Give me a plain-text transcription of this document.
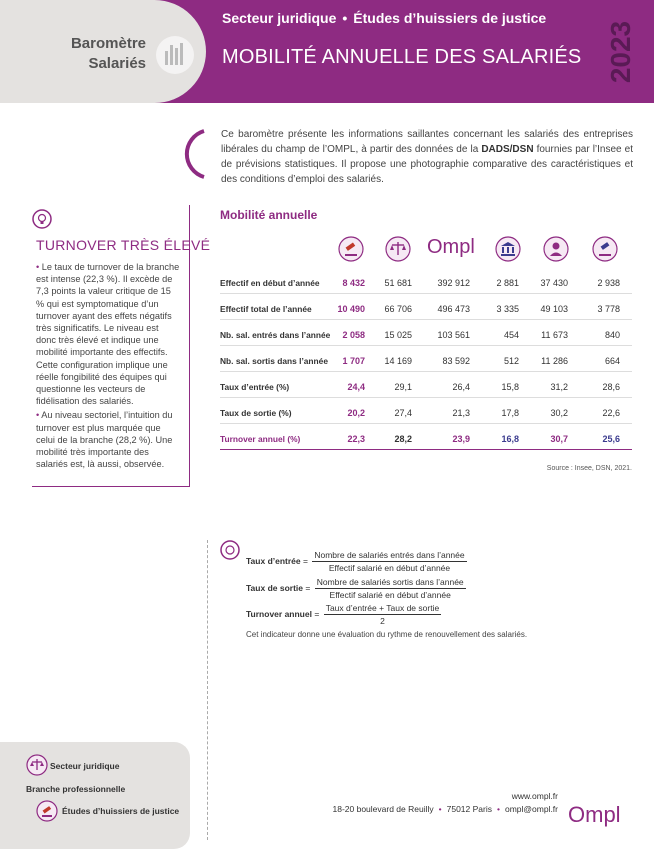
Baromètre
Salariés
Secteur juridique • Études d’huissiers de justice
MOBILITÉ ANNUELLE DES SALARIÉS 2023
Ce baromètre présente les informations saillantes concernant les salariés des entreprises libérales du champ de l’OMPL, à partir des données de la DADS/DSN fournies par l’Insee et de prévisions statistiques. Il propose une photographie comparative des caractéristiques et des conditions d’emploi des salariés.
TURNOVER TRÈS ÉLEVÉ

• Le taux de turnover de la branche est intense (22,3 %). Il excède de 7,3 points la valeur critique de 15 % qui est symptomatique d’un turnover ayant des effets négatifs très significatifs. Le niveau est donc très élevé et indique une mobilité importante des effectifs. Cette configuration implique une réelle fongibilité des équipes qui questionne les vecteurs de fidélisation des salariés.

• Au niveau sectoriel, l’intuition du turnover est plus marquée que celui de la branche (28,2 %). Une mobilité très importante des salariés est, là aussi, observée.

Mobilité annuelle
Ompl
Effectif en début d’année	8 432	51 681	392 912	2 881	37 430	2 938
Effectif total de l’année	10 490	66 706	496 473	3 335	49 103	3 778
Nb. sal. entrés dans l’année	2 058	15 025	103 561	454	11 673	840
Nb. sal. sortis dans l’année	1 707	14 169	83 592	512	11 286	664
Taux d’entrée (%)	24,4	29,1	26,4	15,8	31,2	28,6
Taux de sortie (%)	20,2	27,4	21,3	17,8	30,2	22,6
Turnover annuel (%)	22,3	28,2	23,9	16,8	30,7	25,6
Source : Insee, DSN, 2021.
Taux d’entrée = $\frac{\text{Nombre de salariés entrés dans l’année}}{\text{Effectif salarié en début d’année}}$
Taux de sortie = $\frac{\text{Nombre de salariés sortis dans l’année}}{\text{Effectif salarié en début d’année}}$
Turnover annuel = $\frac{\text{Taux d’entrée + Taux de sortie}}{2}$
Cet indicateur donne une évaluation du rythme de renouvellement des salariés.
Secteur juridique
Branche professionnelle
Études d’huissiers de justice
www.ompl.fr
18-20 boulevard de Reuilly • 75012 Paris • ompl@ompl.fr Ompl
